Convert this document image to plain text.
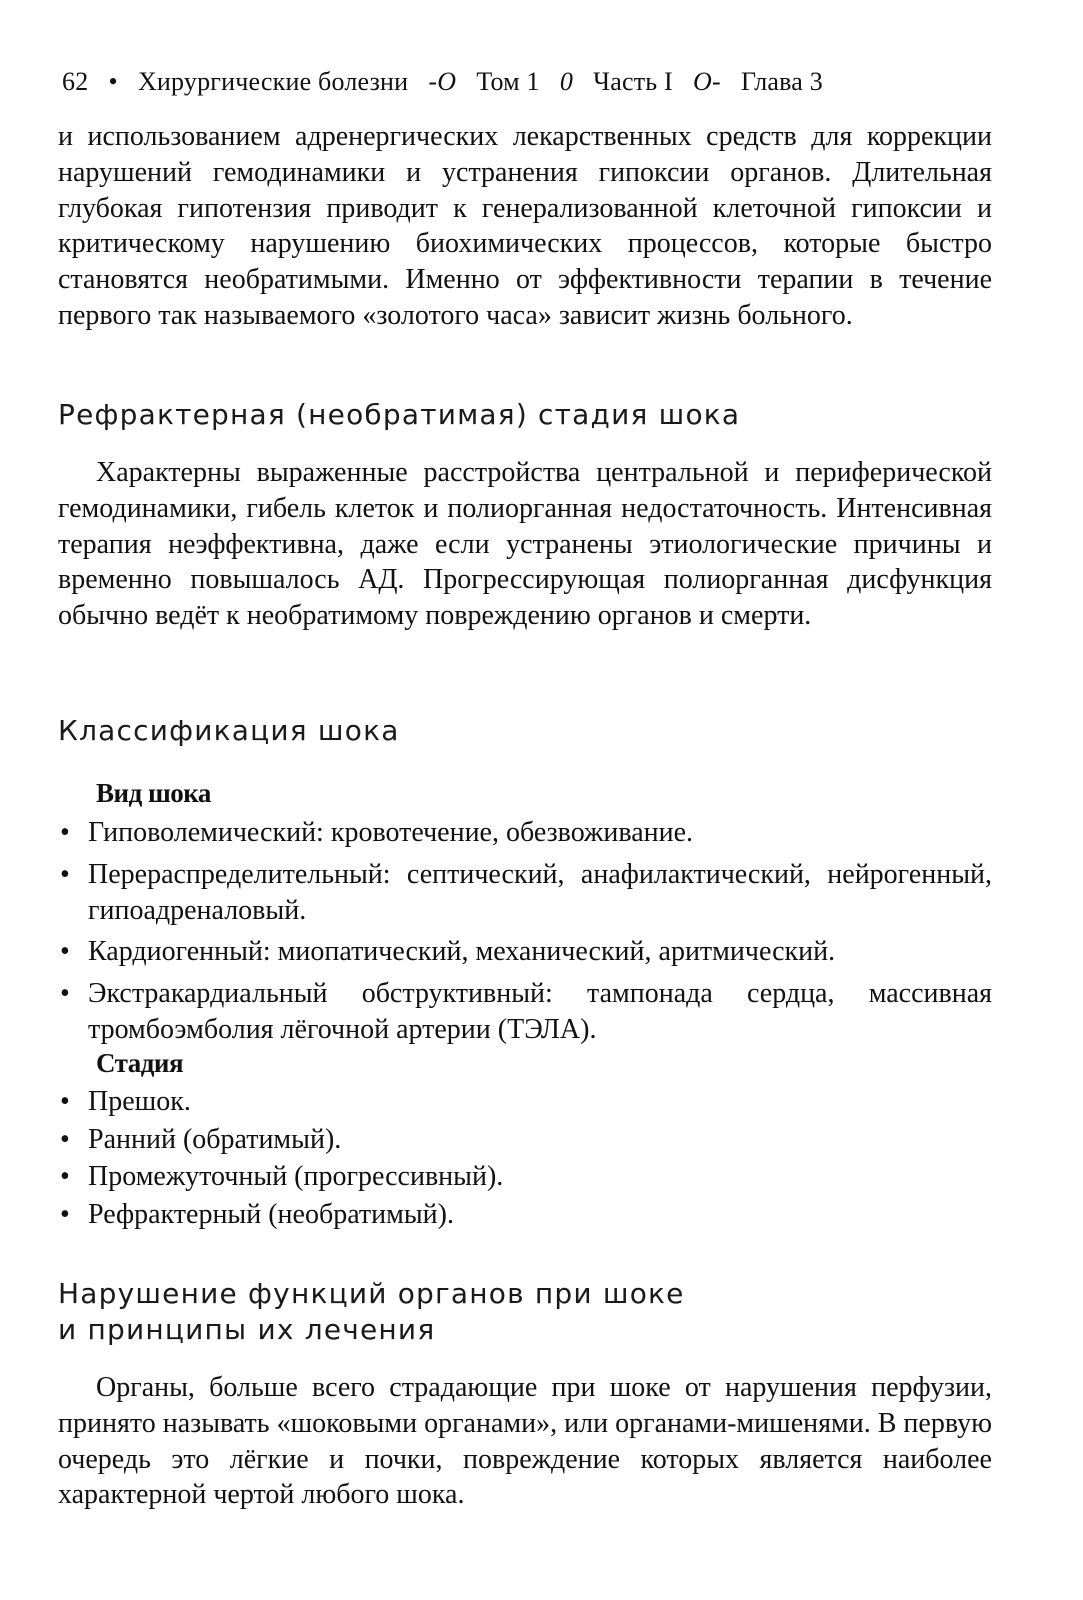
62 • Хирургические болезни -O Том 1 0 Часть I O- Глава 3

и использованием адренергических лекарственных средств для коррекции нарушений гемодинамики и устранения гипоксии органов. Длительная глубокая гипотензия приводит к генерализованной клеточной гипоксии и критическому нарушению биохимических процессов, которые быстро становятся необратимыми. Именно от эффективности терапии в течение первого так называемого «золотого часа» зависит жизнь больного.

Рефрактерная (необратимая) стадия шока

Характерны выраженные расстройства центральной и периферической гемодинамики, гибель клеток и полиорганная недостаточность. Интенсивная терапия неэффективна, даже если устранены этиологические причины и временно повышалось АД. Прогрессирующая полиорганная дисфункция обычно ведёт к необратимому повреждению органов и смерти.

Классификация шока
Вид шока
• Гиповолемический: кровотечение, обезвоживание.
• Перераспределительный: септический, анафилактический, нейрогенный, гипоадреналовый.
• Кардиогенный: миопатический, механический, аритмический.
• Экстракардиальный обструктивный: тампонада сердца, массивная тромбоэмболия лёгочной артерии (ТЭЛА).
Стадия
• Прешок.
• Ранний (обратимый).
• Промежуточный (прогрессивный).
• Рефрактерный (необратимый).
Нарушение функций органов при шоке
и принципы их лечения

Органы, больше всего страдающие при шоке от нарушения перфузии, принято называть «шоковыми органами», или органами-мишенями. В первую очередь это лёгкие и почки, повреждение которых является наиболее характерной чертой любого шока.
